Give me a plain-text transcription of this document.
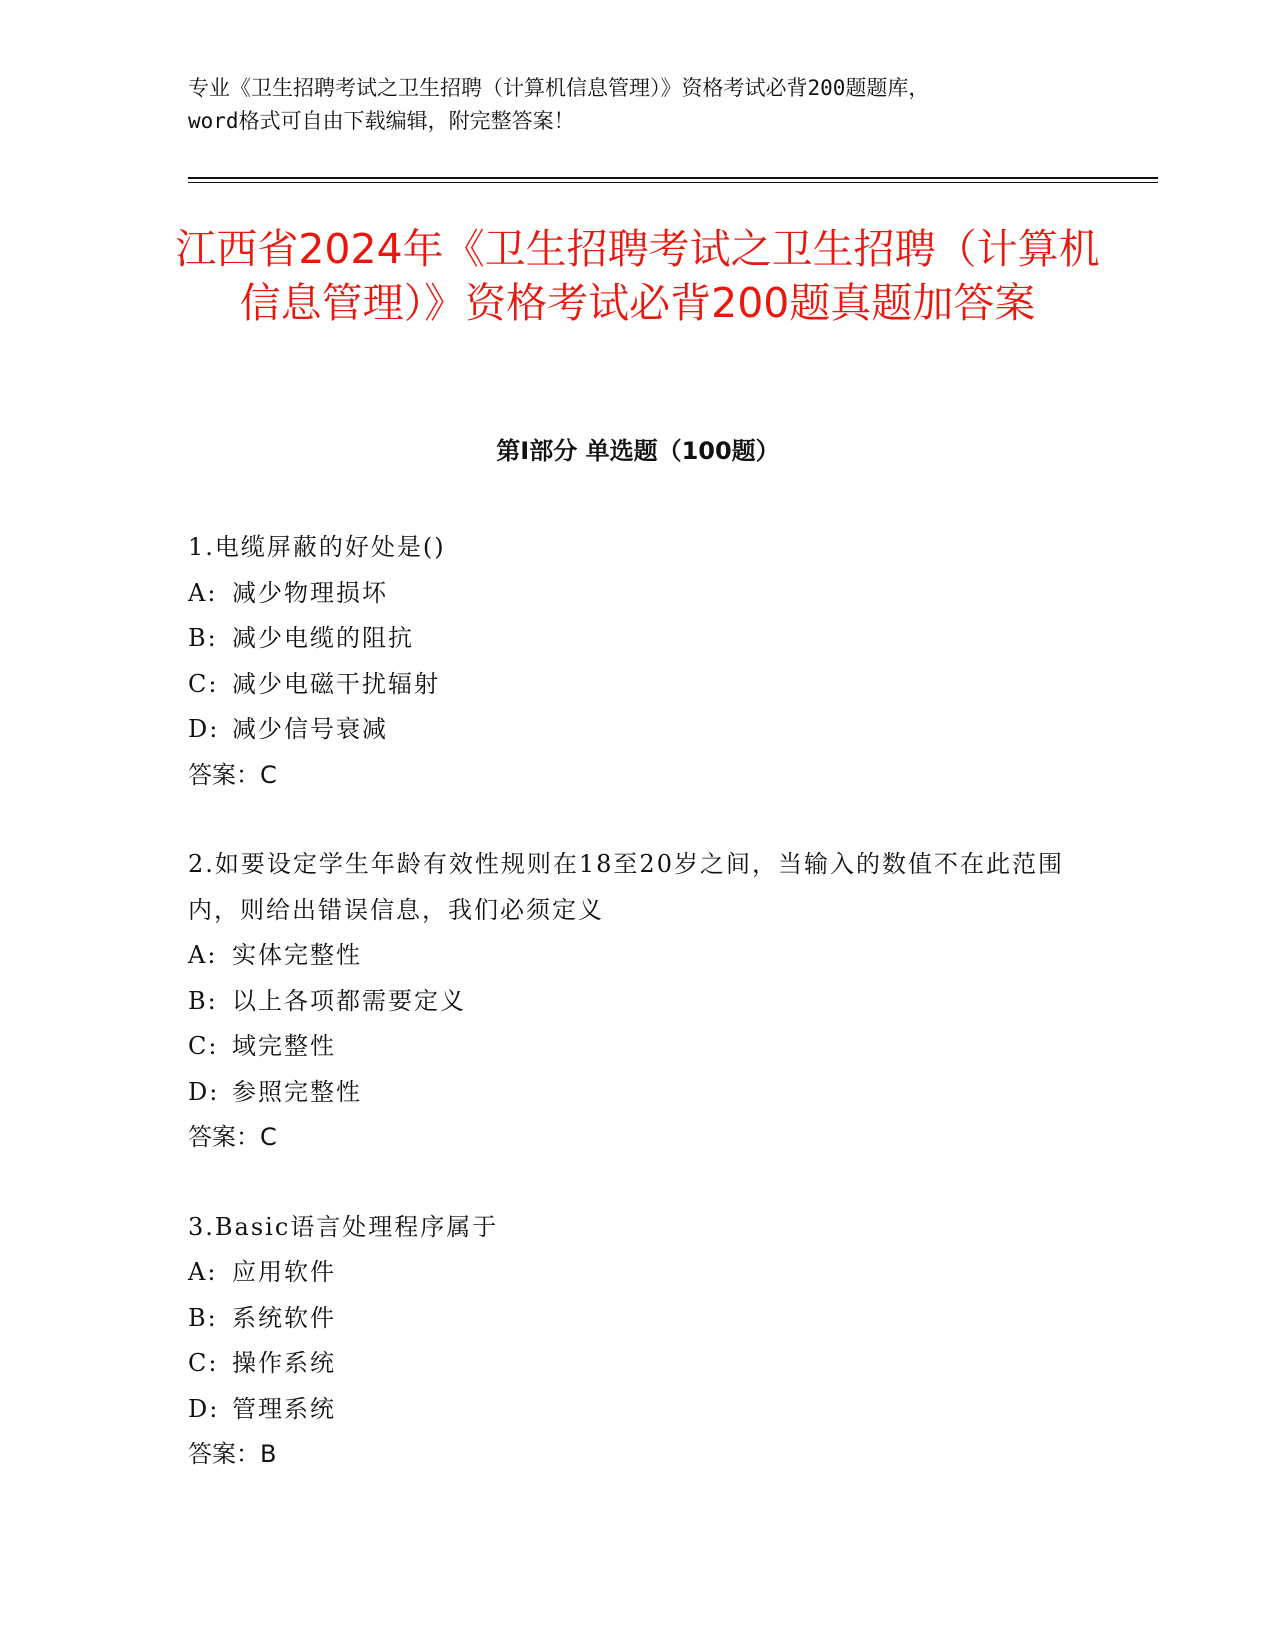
专业《卫生招聘考试之卫生招聘（计算机信息管理）》资格考试必背200题题库，
word格式可自由下载编辑，附完整答案！
江西省2024年《卫生招聘考试之卫生招聘（计算机信息管理）》资格考试必背200题真题加答案
第Ⅰ部分 单选题（100题）
1.电缆屏蔽的好处是()
A: 减少物理损坏
B: 减少电缆的阻抗
C: 减少电磁干扰辐射
D: 减少信号衰减
答案：C
2.如要设定学生年龄有效性规则在18至20岁之间，当输入的数值不在此范围内，则给出错误信息，我们必须定义
A: 实体完整性
B: 以上各项都需要定义
C: 域完整性
D: 参照完整性
答案：C
3.Basic语言处理程序属于
A: 应用软件
B: 系统软件
C: 操作系统
D: 管理系统
答案：B
